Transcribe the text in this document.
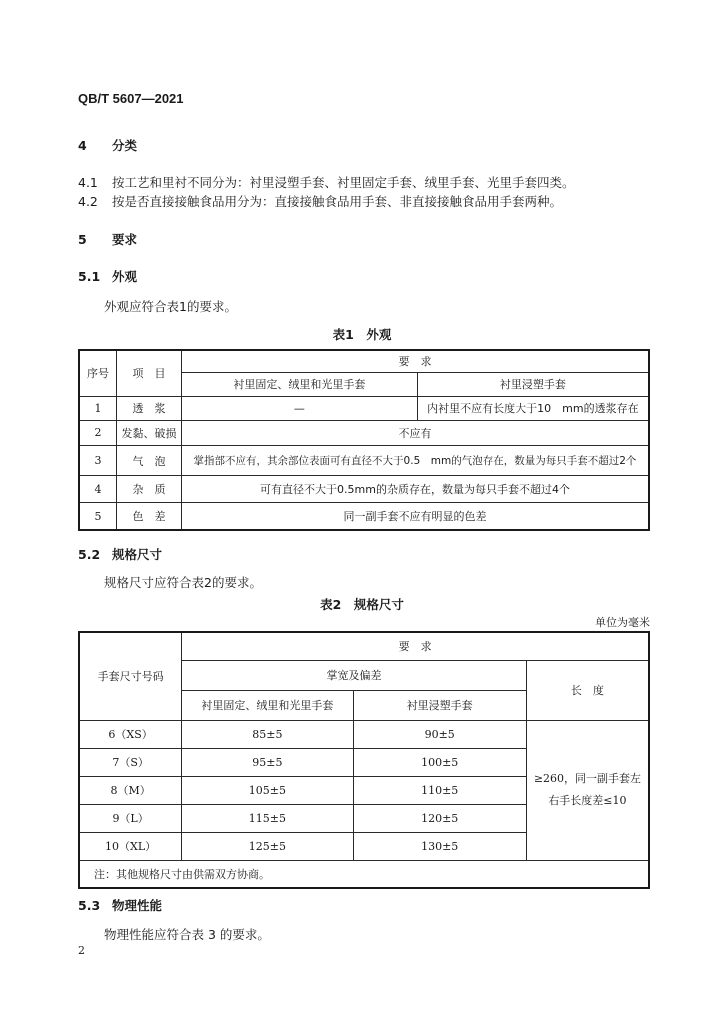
QB/T 5607—2021
4 分类
4.1 按工艺和里衬不同分为：衬里浸塑手套、衬里固定手套、绒里手套、光里手套四类。
4.2 按是否直接接触食品用分为：直接接触食品用手套、非直接接触食品用手套两种。
5 要求
5.1 外观
外观应符合表1的要求。
表1　外观
序号	项　目	要　求	
		衬里固定、绒里和光里手套	衬里浸塑手套
1	透　浆	—	内衬里不应有长度大于10　mm的透浆存在
2	发黏、破损	不应有	
3	气　泡	掌指部不应有，其余部位表面可有直径不大于0.5　mm的气泡存在，数量为每只手套不超过2个	
4	杂　质	可有直径不大于0.5mm的杂质存在，数量为每只手套不超过4个	
5	色　差	同一副手套不应有明显的色差	
5.2 规格尺寸
规格尺寸应符合表2的要求。
表2　规格尺寸
单位为毫米
手套尺寸号码	要　求		
	掌宽及偏差		长　度
	衬里固定、绒里和光里手套	衬里浸塑手套	
6（XS）	85±5	90±5	≥260，同一副手套左
右手长度差≤10

7（S）	95±5	100±5	
8（M）	105±5	110±5	
9（L）	115±5	120±5	
10（XL）	125±5	130±5	
注：其他规格尺寸由供需双方协商。			
5.3 物理性能
物理性能应符合表 3 的要求。
2
